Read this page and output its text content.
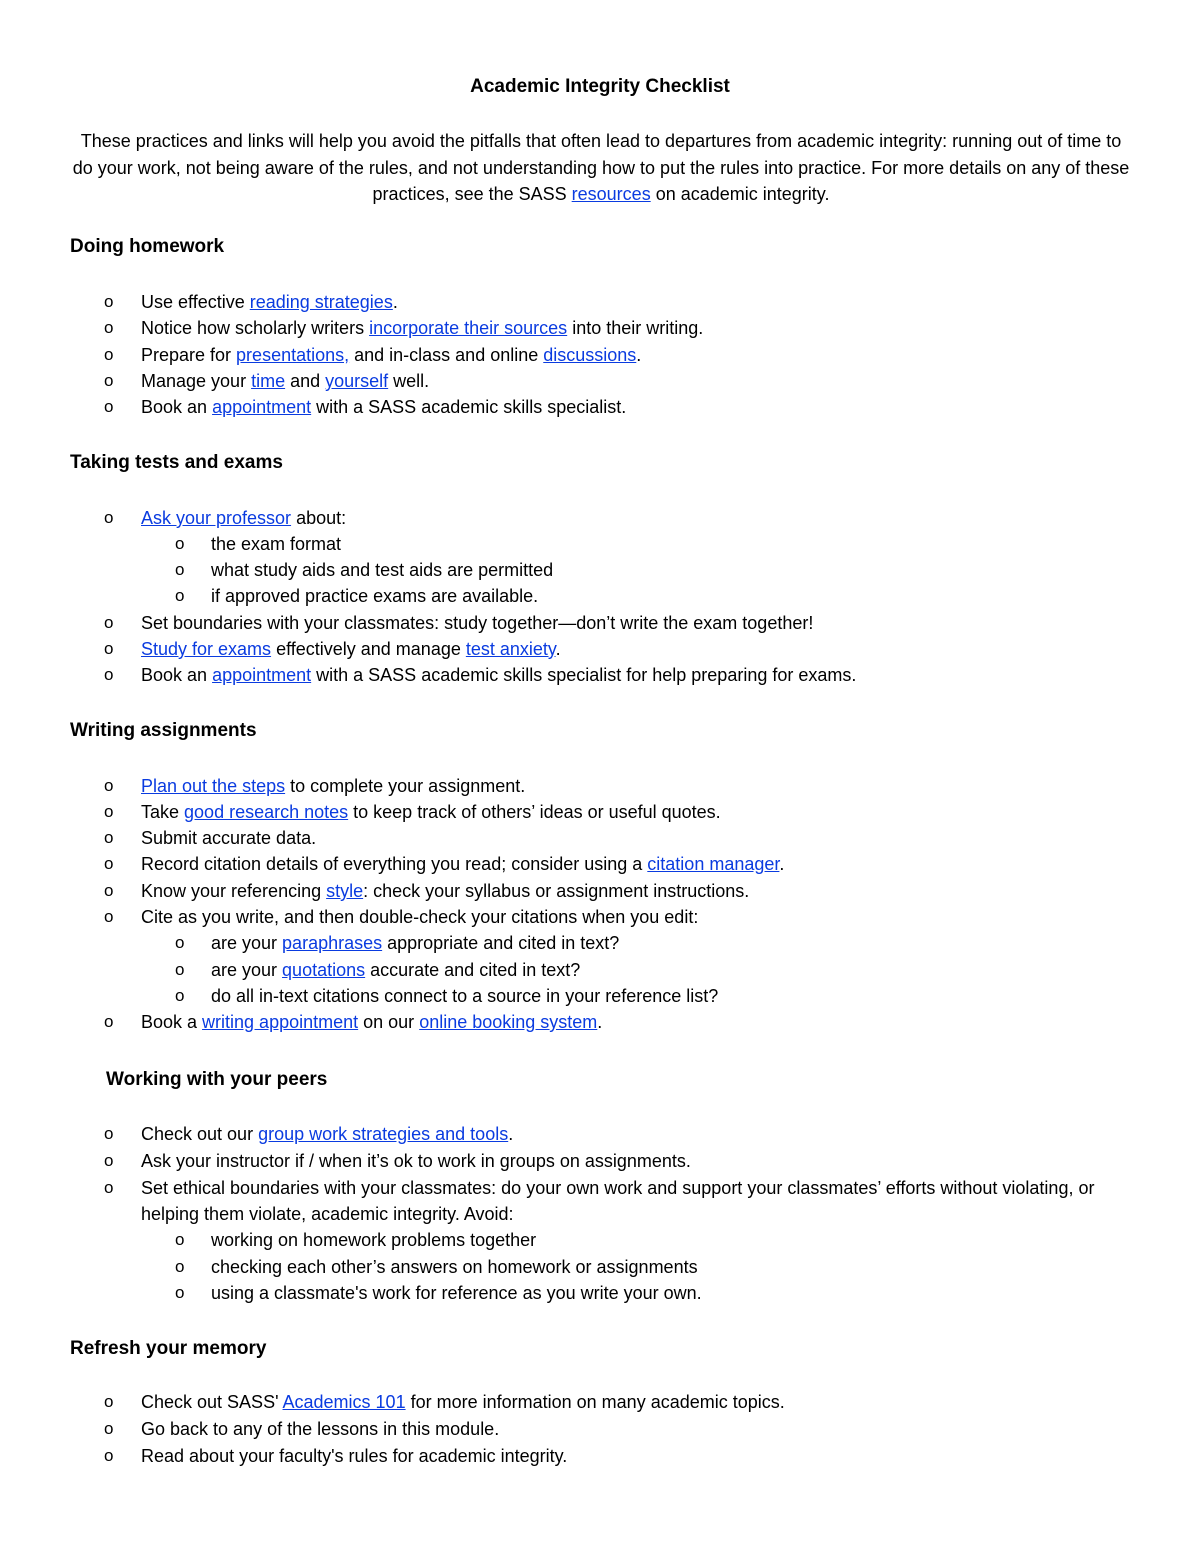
Academic Integrity Checklist
These practices and links will help you avoid the pitfalls that often lead to departures from academic integrity: running out of time to do your work, not being aware of the rules, and not understanding how to put the rules into practice. For more details on any of these practices, see the SASS resources on academic integrity.
Doing homework
o Use effective reading strategies.
o Notice how scholarly writers incorporate their sources into their writing.
o Prepare for presentations, and in-class and online discussions.
o Manage your time and yourself well.
o Book an appointment with a SASS academic skills specialist.
Taking tests and exams
o Ask your professor about:
o the exam format
o what study aids and test aids are permitted
o if approved practice exams are available.
o Set boundaries with your classmates: study together—don’t write the exam together!
o Study for exams effectively and manage test anxiety.
o Book an appointment with a SASS academic skills specialist for help preparing for exams.
Writing assignments
o Plan out the steps to complete your assignment.
o Take good research notes to keep track of others’ ideas or useful quotes.
o Submit accurate data.
o Record citation details of everything you read; consider using a citation manager.
o Know your referencing style: check your syllabus or assignment instructions.
o Cite as you write, and then double-check your citations when you edit:
o are your paraphrases appropriate and cited in text?
o are your quotations accurate and cited in text?
o do all in-text citations connect to a source in your reference list?
o Book a writing appointment on our online booking system.
Working with your peers
o Check out our group work strategies and tools.
o Ask your instructor if / when it’s ok to work in groups on assignments.
o Set ethical boundaries with your classmates: do your own work and support your classmates’ efforts without violating, or helping them violate, academic integrity. Avoid:
o working on homework problems together
o checking each other’s answers on homework or assignments
o using a classmate's work for reference as you write your own.
Refresh your memory
o Check out SASS' Academics 101 for more information on many academic topics.
o Go back to any of the lessons in this module.
o Read about your faculty's rules for academic integrity.
